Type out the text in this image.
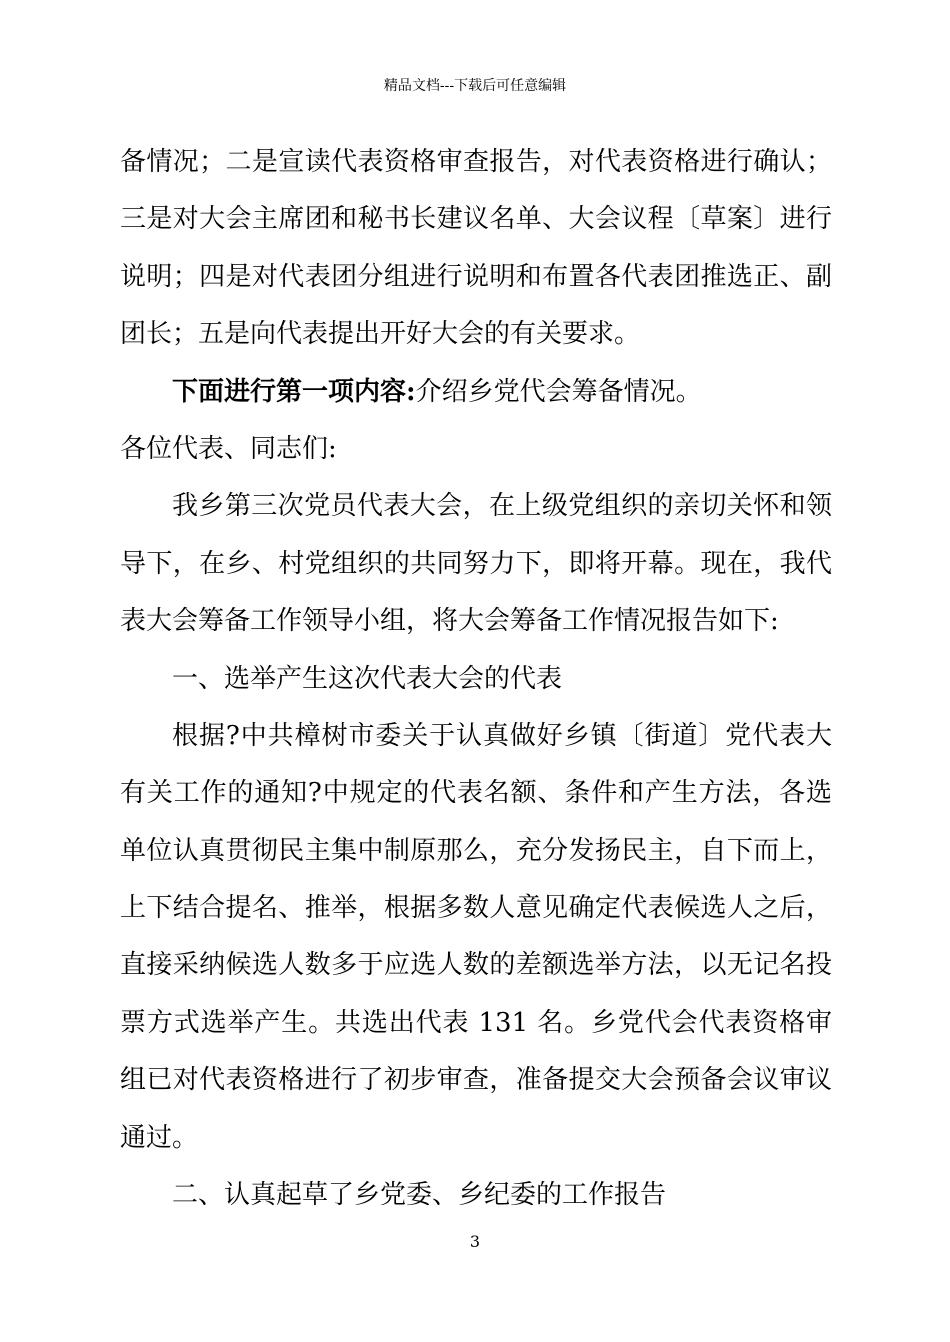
精品文档---下载后可任意编辑
备情况；二是宣读代表资格审查报告，对代表资格进行确认；
三是对大会主席团和秘书长建议名单、大会议程〔草案〕进行
说明；四是对代表团分组进行说明和布置各代表团推选正、副
团长；五是向代表提出开好大会的有关要求。
下面进行第一项内容:介绍乡党代会筹备情况。
各位代表、同志们:
我乡第三次党员代表大会，在上级党组织的亲切关怀和领
导下，在乡、村党组织的共同努力下，即将开幕。现在，我代
表大会筹备工作领导小组，将大会筹备工作情况报告如下:
一、选举产生这次代表大会的代表
根据?中共樟树市委关于认真做好乡镇〔街道〕党代表大
有关工作的通知?中规定的代表名额、条件和产生方法，各选
单位认真贯彻民主集中制原那么，充分发扬民主，自下而上，
上下结合提名、推举，根据多数人意见确定代表候选人之后，
直接采纳候选人数多于应选人数的差额选举方法，以无记名投
票方式选举产生。共选出代表 131 名。乡党代会代表资格审
组已对代表资格进行了初步审查，准备提交大会预备会议审议
通过。
二、认真起草了乡党委、乡纪委的工作报告
3
